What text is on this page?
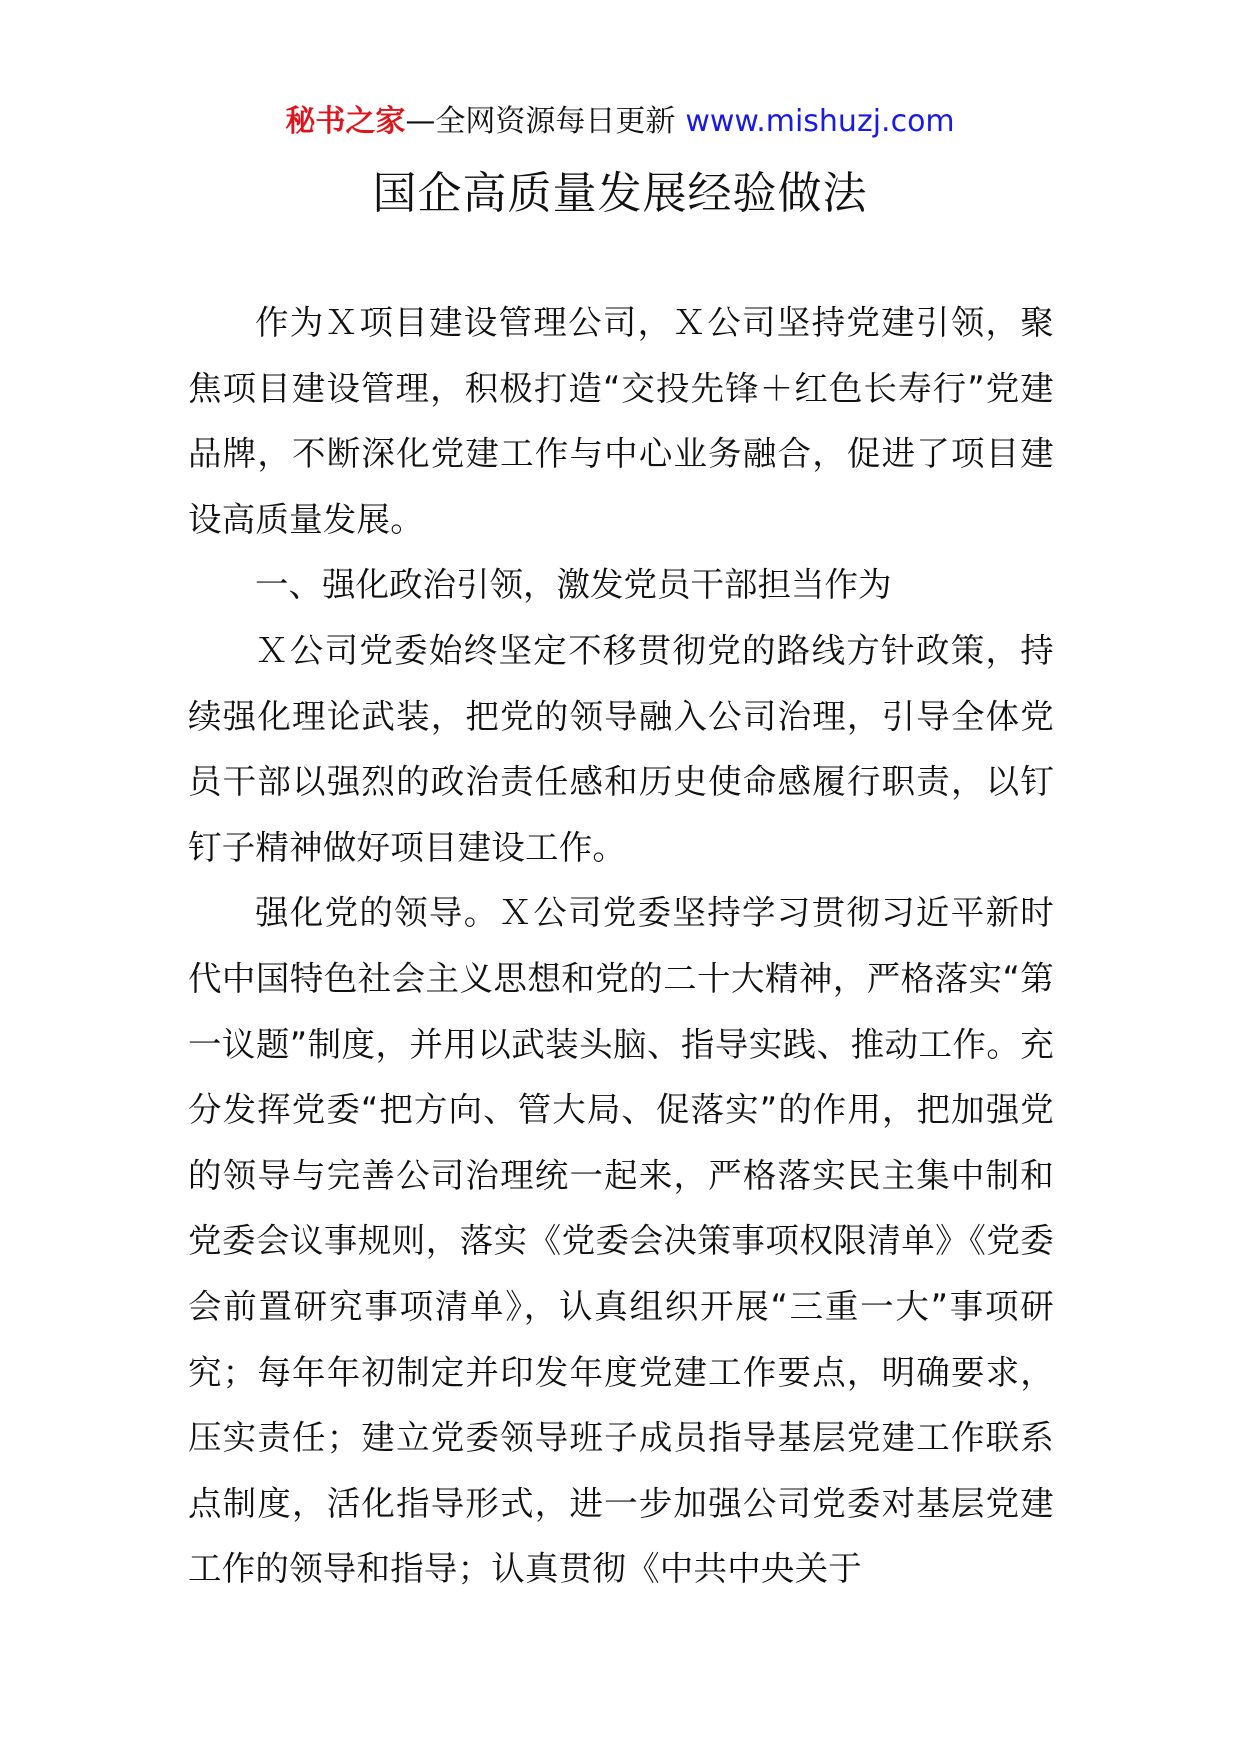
秘书之家—全网资源每日更新 www.mishuzj.com
国企高质量发展经验做法

作为Ｘ项目建设管理公司，Ｘ公司坚持党建引领，聚焦项目建设管理，积极打造“交投先锋＋红色长寿行”党建品牌，不断深化党建工作与中心业务融合，促进了项目建设高质量发展。

一、强化政治引领，激发党员干部担当作为

Ｘ公司党委始终坚定不移贯彻党的路线方针政策，持续强化理论武装，把党的领导融入公司治理，引导全体党员干部以强烈的政治责任感和历史使命感履行职责，以钉钉子精神做好项目建设工作。

强化党的领导。Ｘ公司党委坚持学习贯彻习近平新时代中国特色社会主义思想和党的二十大精神，严格落实“第一议题”制度，并用以武装头脑、指导实践、推动工作。充分发挥党委“把方向、管大局、促落实”的作用，把加强党的领导与完善公司治理统一起来，严格落实民主集中制和党委会议事规则，落实《党委会决策事项权限清单》《党委会前置研究事项清单》，认真组织开展“三重一大”事项研究；每年年初制定并印发年度党建工作要点，明确要求，压实责任；建立党委领导班子成员指导基层党建工作联系点制度，活化指导形式，进一步加强公司党委对基层党建工作的领导和指导；认真贯彻《中共中央关于
